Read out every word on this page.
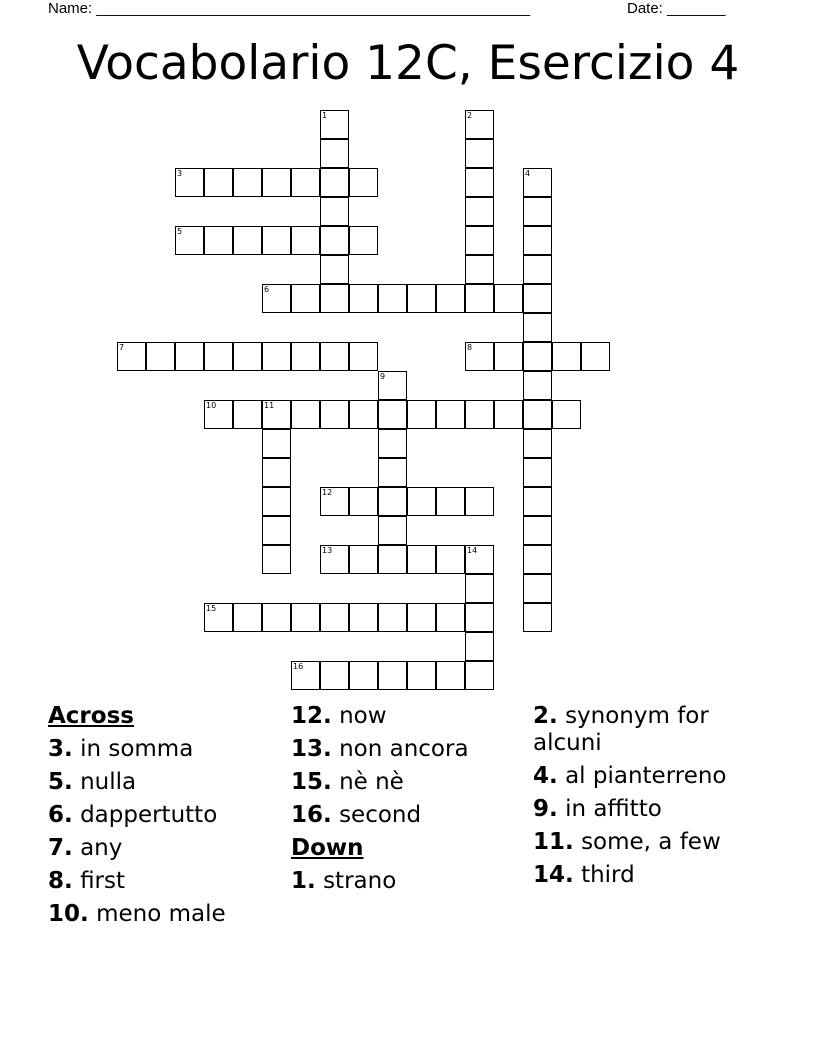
Name: ____________________________________________________	Date: _______
Vocabolario 12C, Esercizio 4
1	2
3	4
5
6
7	8
9
10	11
12
13	14
15
16
Across
3. in somma
5. nulla
6. dappertutto
7. any
8. first
10. meno male
12. now
13. non ancora
15. nè nè
16. second
Down
1. strano
2. synonym for alcuni
4. al pianterreno
9. in affitto
11. some, a few
14. third
